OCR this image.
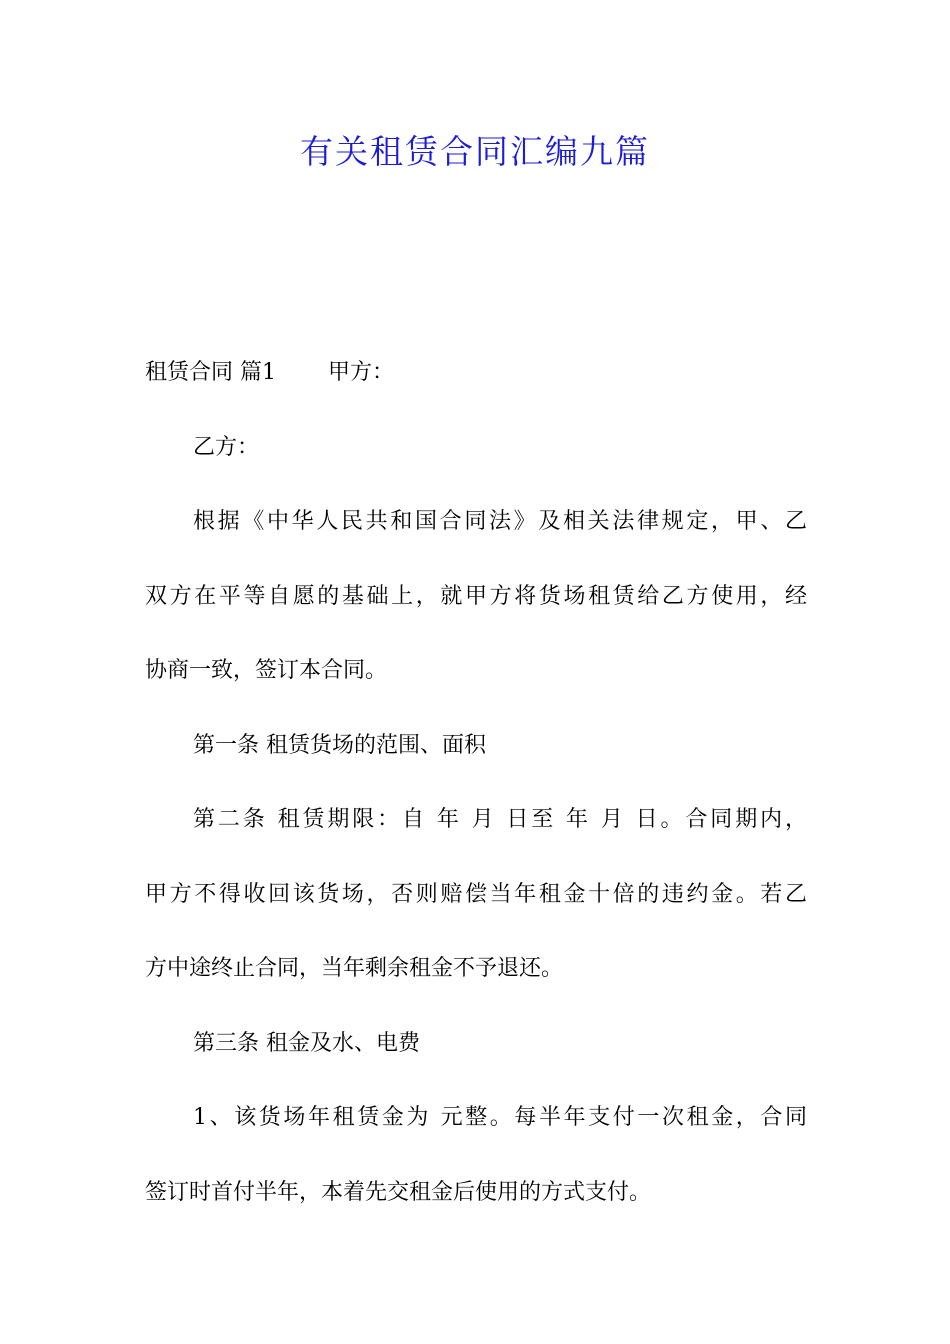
有关租赁合同汇编九篇
租赁合同 篇1 甲方：
乙方：
根据《中华人民共和国合同法》及相关法律规定，甲、乙
双方在平等自愿的基础上，就甲方将货场租赁给乙方使用，经
协商一致，签订本合同。
第一条 租赁货场的范围、面积
第二条 租赁期限：自 年 月 日至 年 月 日。合同期内，
甲方不得收回该货场，否则赔偿当年租金十倍的违约金。若乙
方中途终止合同，当年剩余租金不予退还。
第三条 租金及水、电费
1、该货场年租赁金为 元整。每半年支付一次租金，合同
签订时首付半年，本着先交租金后使用的方式支付。
